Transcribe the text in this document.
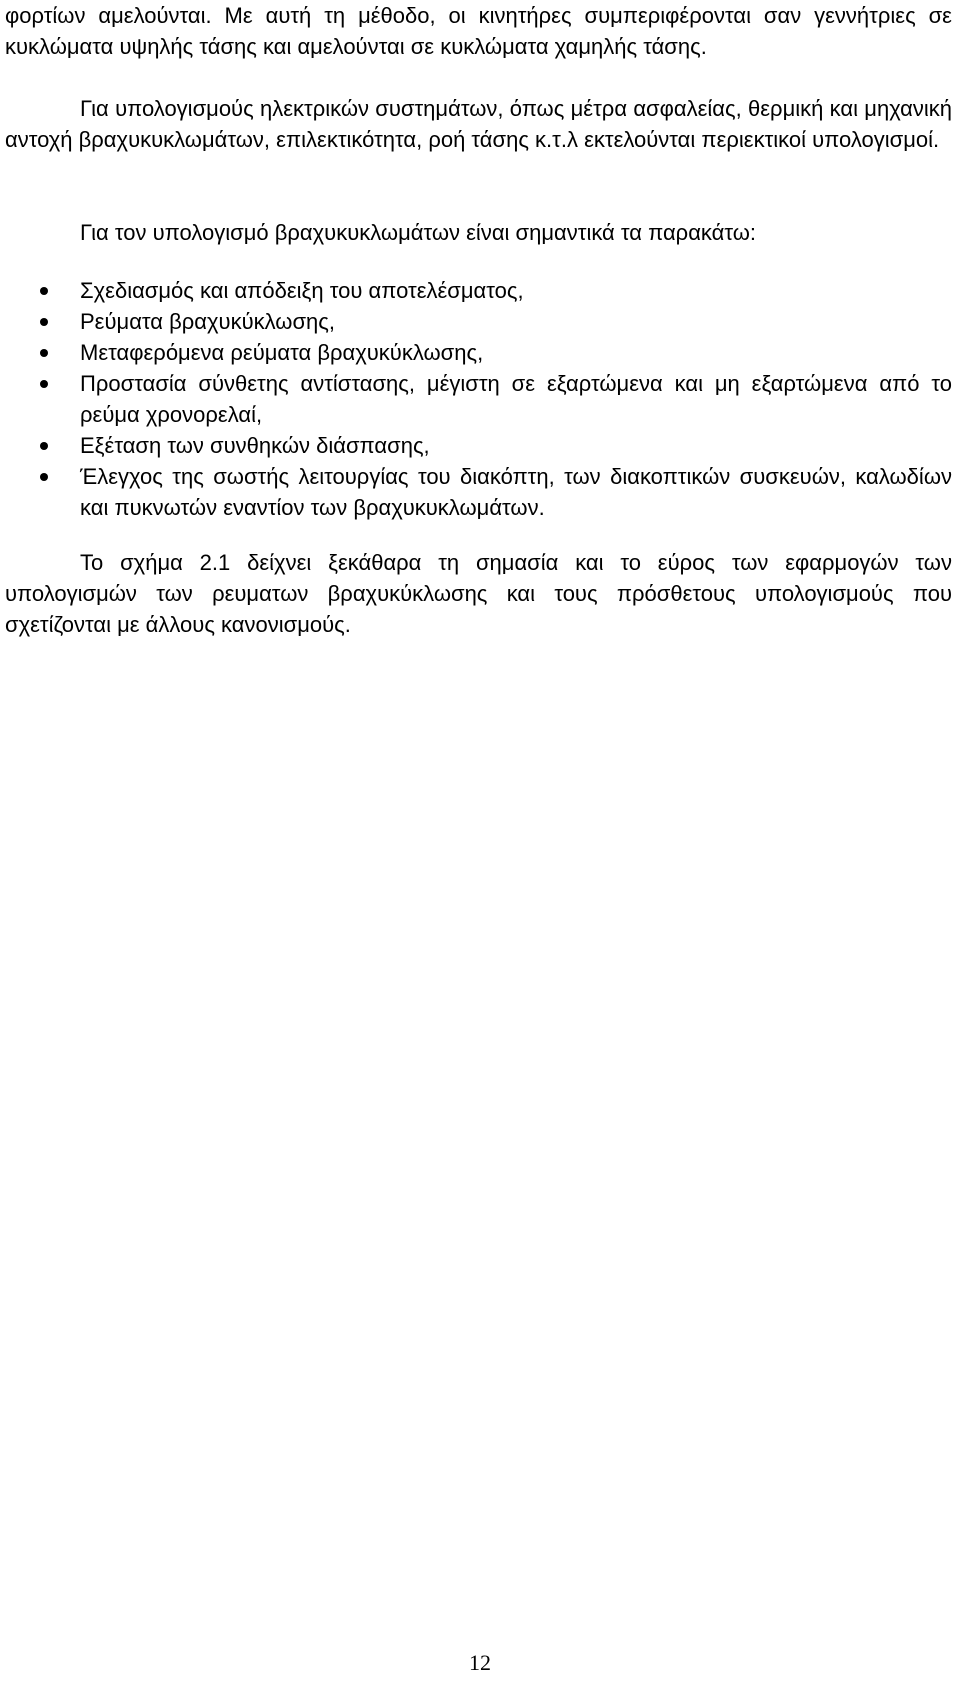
φορτίων αμελούνται. Με αυτή τη μέθοδο, οι κινητήρες συμπεριφέρονται σαν γεννήτριες σε κυκλώματα υψηλής τάσης και αμελούνται σε κυκλώματα χαμηλής τάσης.

Για υπολογισμούς ηλεκτρικών συστημάτων, όπως μέτρα ασφαλείας, θερμική και μηχανική αντοχή βραχυκυκλωμάτων, επιλεκτικότητα, ροή τάσης κ.τ.λ εκτελούνται περιεκτικοί υπολογισμοί.

Για τον υπολογισμό βραχυκυκλωμάτων είναι σημαντικά τα παρακάτω:

Σχεδιασμός και απόδειξη του αποτελέσματος,
Ρεύματα βραχυκύκλωσης,
Μεταφερόμενα ρεύματα βραχυκύκλωσης,
Προστασία σύνθετης αντίστασης, μέγιστη σε εξαρτώμενα και μη εξαρτώμενα από το ρεύμα χρονορελαί,
Εξέταση των συνθηκών διάσπασης,
Έλεγχος της σωστής λειτουργίας του διακόπτη, των διακοπτικών συσκευών, καλωδίων και πυκνωτών εναντίον των βραχυκυκλωμάτων.

Το σχήμα 2.1 δείχνει ξεκάθαρα τη σημασία και το εύρος των εφαρμογών των υπολογισμών των ρευματων βραχυκύκλωσης και τους πρόσθετους υπολογισμούς που σχετίζονται με άλλους κανονισμούς.

12
